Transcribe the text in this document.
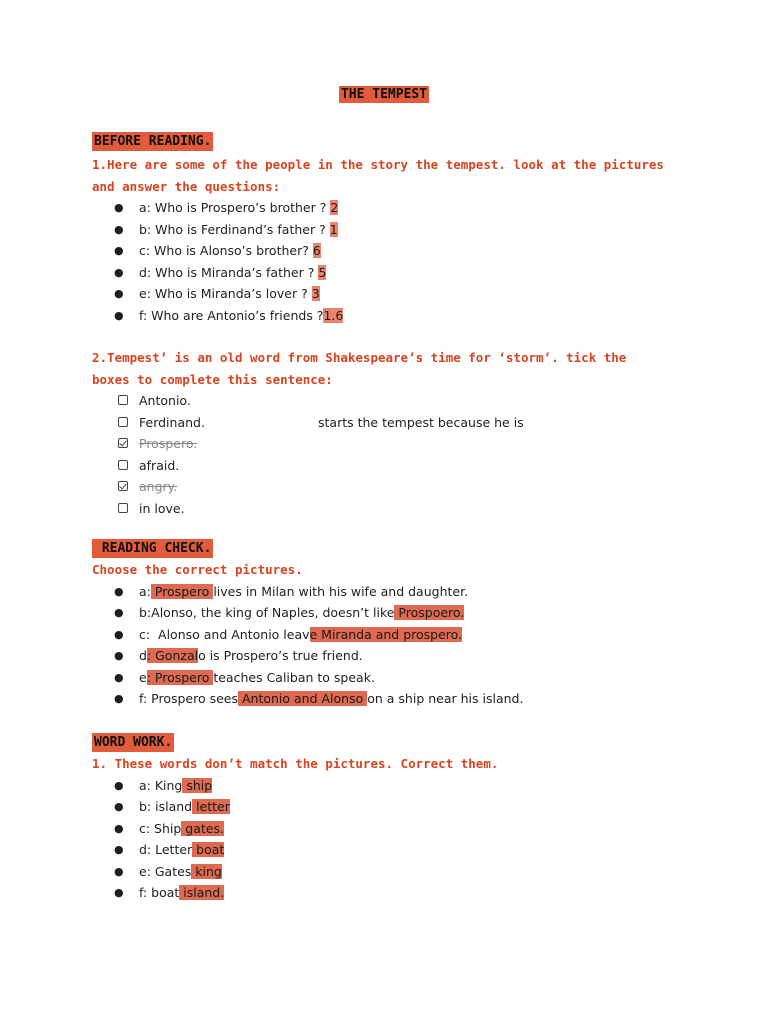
THE TEMPEST
BEFORE READING.

1.Here are some of the people in the story the tempest. look at the pictures and answer the questions:

● a: Who is Prospero’s brother ? 2
● b: Who is Ferdinand’s father ? 1
● c: Who is Alonso’s brother? 6
● d: Who is Miranda’s father ? 5
● e: Who is Miranda’s lover ? 3
● f: Who are Antonio’s friends ?1.6

2.Tempest’ is an old word from Shakespeare’s time for ‘storm’. tick the boxes to complete this sentence:

Antonio.
Ferdinand.	starts the tempest because he is
Prospero.
afraid.
angry.
in love.
READING CHECK.

Choose the correct pictures.

● a: Prospero lives in Milan with his wife and daughter.
● b:Alonso, the king of Naples, doesn’t like Prospoero.
● c:  Alonso and Antonio leave Miranda and prospero.
● d: Gonzalo is Prospero’s true friend.
● e: Prospero teaches Caliban to speak.
● f: Prospero sees Antonio and Alonso on a ship near his island.
WORD WORK.

1. These words don’t match the pictures. Correct them.

● a: King ship
● b: island letter
● c: Ship gates.
● d: Letter boat
● e: Gates king
● f: boat island.
